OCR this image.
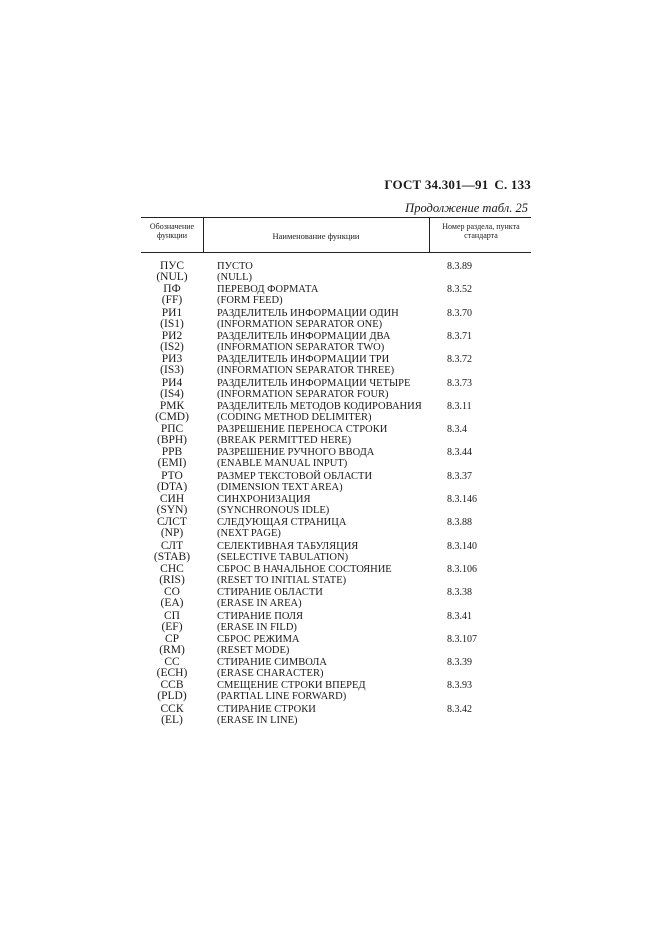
ГОСТ 34.301—91 С. 133
Продолжение табл. 25
Обозначение функции	Наименование функции
Номер раздела, пункта стандарта
ПУС
(NUL)
ПУСТО
(NULL)
8.3.89
ПФ
(FF)
ПЕРЕВОД ФОРМАТА
(FORM FEED)
8.3.52
РИ1
(IS1)
РАЗДЕЛИТЕЛЬ ИНФОРМАЦИИ ОДИН
(INFORMATION SEPARATOR ONE)
8.3.70
РИ2
(IS2)
РАЗДЕЛИТЕЛЬ ИНФОРМАЦИИ ДВА
(INFORMATION SEPARATOR TWO)
8.3.71
РИ3
(IS3)
РАЗДЕЛИТЕЛЬ ИНФОРМАЦИИ ТРИ
(INFORMATION SEPARATOR THREE)
8.3.72
РИ4
(IS4)
РАЗДЕЛИТЕЛЬ ИНФОРМАЦИИ ЧЕТЫРЕ
(INFORMATION SEPARATOR FOUR)
8.3.73
РМК
(CMD)
РАЗДЕЛИТЕЛЬ МЕТОДОВ КОДИРОВАНИЯ
(CODING METHOD DELIMITER)
8.3.11
РПС
(BPH)
РАЗРЕШЕНИЕ ПЕРЕНОСА СТРОКИ
(BREAK PERMITTED HERE)
8.3.4
РРВ
(EMI)
РАЗРЕШЕНИЕ РУЧНОГО ВВОДА
(ENABLE MANUAL INPUT)
8.3.44
РТО
(DTA)
РАЗМЕР ТЕКСТОВОЙ ОБЛАСТИ
(DIMENSION TEXT AREA)
8.3.37
СИН
(SYN)
СИНХРОНИЗАЦИЯ
(SYNCHRONOUS IDLE)
8.3.146
СЛСТ
(NP)
СЛЕДУЮЩАЯ СТРАНИЦА
(NEXT PAGE)
8.3.88
СЛТ
(STAB)
СЕЛЕКТИВНАЯ ТАБУЛЯЦИЯ
(SELECTIVE TABULATION)
8.3.140
СНС
(RIS)
СБРОС В НАЧАЛЬНОЕ СОСТОЯНИЕ
(RESET TO INITIAL STATE)
8.3.106
СО
(EA)
СТИРАНИЕ ОБЛАСТИ
(ERASE IN AREA)
8.3.38
СП
(EF)
СТИРАНИЕ ПОЛЯ
(ERASE IN FILD)
8.3.41
СР
(RM)
СБРОС РЕЖИМА
(RESET MODE)
8.3.107
СС
(ECH)
СТИРАНИЕ СИМВОЛА
(ERASE CHARACTER)
8.3.39
ССВ
(PLD)
СМЕЩЕНИЕ СТРОКИ ВПЕРЕД
(PARTIAL LINE FORWARD)
8.3.93
ССК
(EL)
СТИРАНИЕ СТРОКИ
(ERASE IN LINE)
8.3.42
